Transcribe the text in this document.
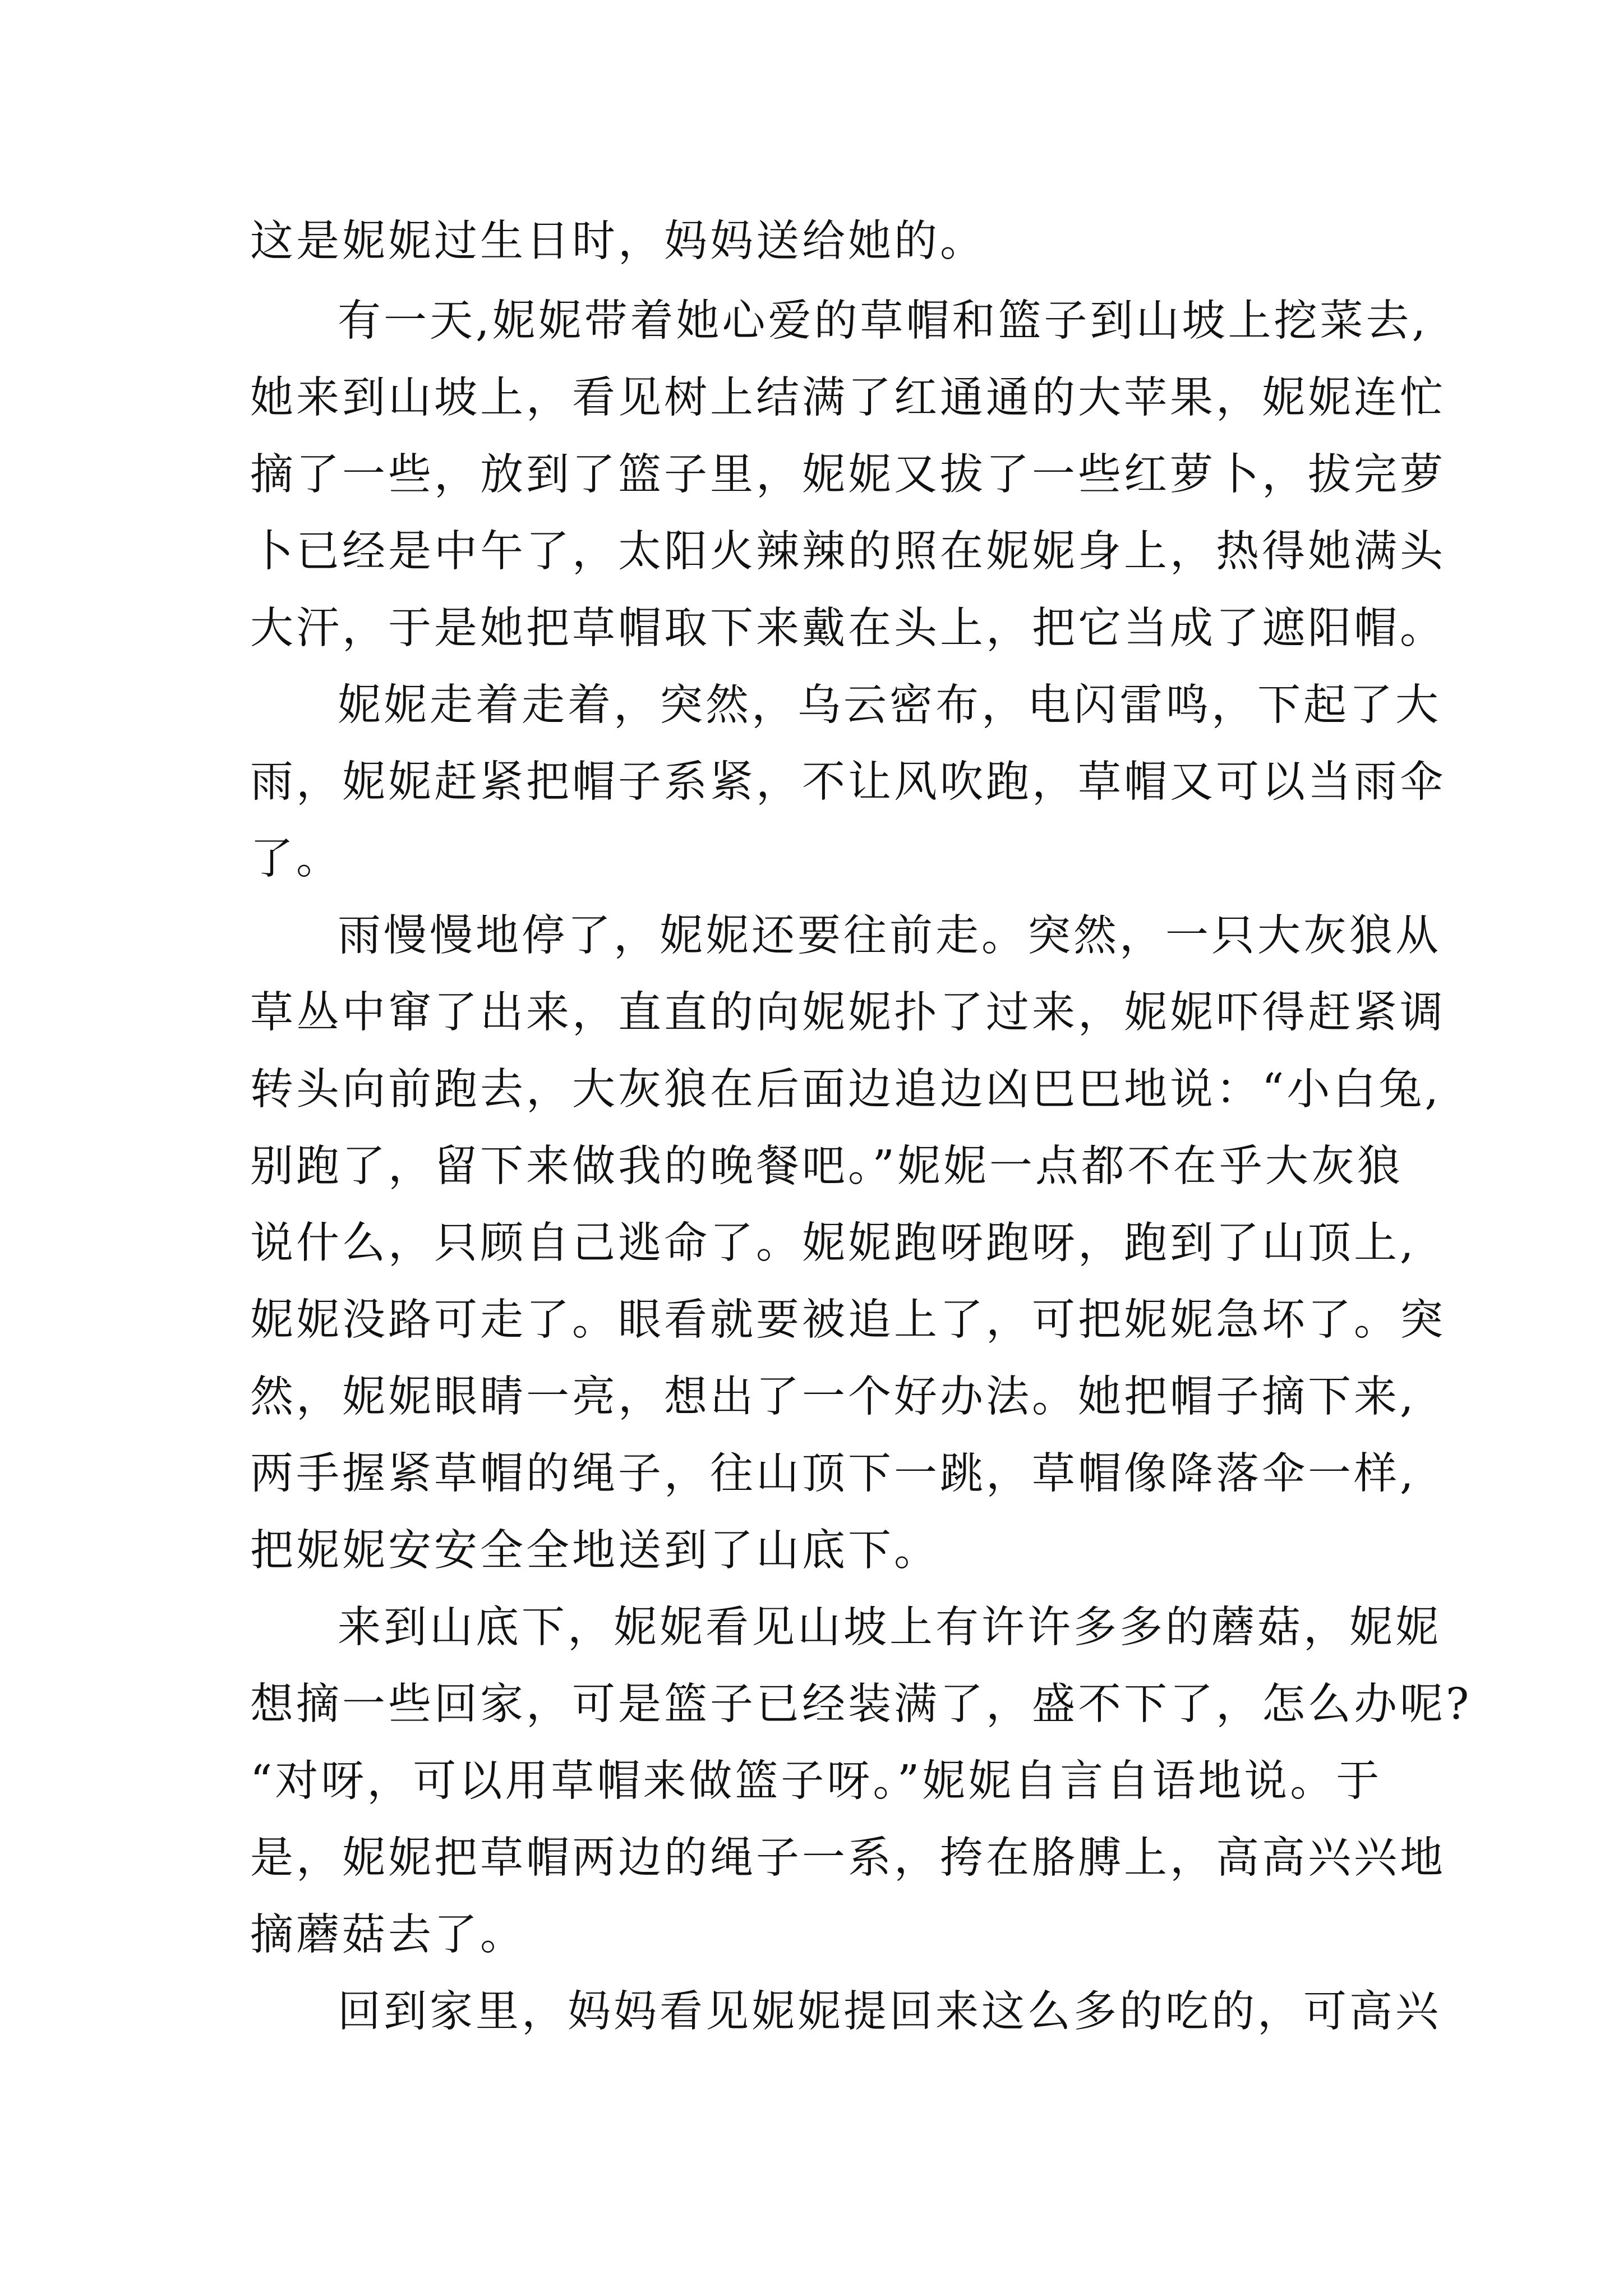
这是妮妮过生日时，妈妈送给她的。

有一天,妮妮带着她心爱的草帽和篮子到山坡上挖菜去,

她来到山坡上，看见树上结满了红通通的大苹果，妮妮连忙

摘了一些，放到了篮子里，妮妮又拔了一些红萝卜，拔完萝

卜已经是中午了，太阳火辣辣的照在妮妮身上，热得她满头

大汗，于是她把草帽取下来戴在头上，把它当成了遮阳帽。

妮妮走着走着，突然，乌云密布，电闪雷鸣，下起了大

雨，妮妮赶紧把帽子系紧，不让风吹跑，草帽又可以当雨伞

了。

雨慢慢地停了，妮妮还要往前走。突然，一只大灰狼从

草丛中窜了出来，直直的向妮妮扑了过来，妮妮吓得赶紧调

转头向前跑去，大灰狼在后面边追边凶巴巴地说：“小白兔,

别跑了，留下来做我的晚餐吧。”妮妮一点都不在乎大灰狼

说什么，只顾自己逃命了。妮妮跑呀跑呀，跑到了山顶上,

妮妮没路可走了。眼看就要被追上了，可把妮妮急坏了。突

然，妮妮眼睛一亮，想出了一个好办法。她把帽子摘下来,

两手握紧草帽的绳子，往山顶下一跳，草帽像降落伞一样,

把妮妮安安全全地送到了山底下。

来到山底下，妮妮看见山坡上有许许多多的蘑菇，妮妮

想摘一些回家，可是篮子已经装满了，盛不下了，怎么办呢?

“对呀，可以用草帽来做篮子呀。”妮妮自言自语地说。于

是，妮妮把草帽两边的绳子一系，挎在胳膊上，高高兴兴地

摘蘑菇去了。

回到家里，妈妈看见妮妮提回来这么多的吃的，可高兴
